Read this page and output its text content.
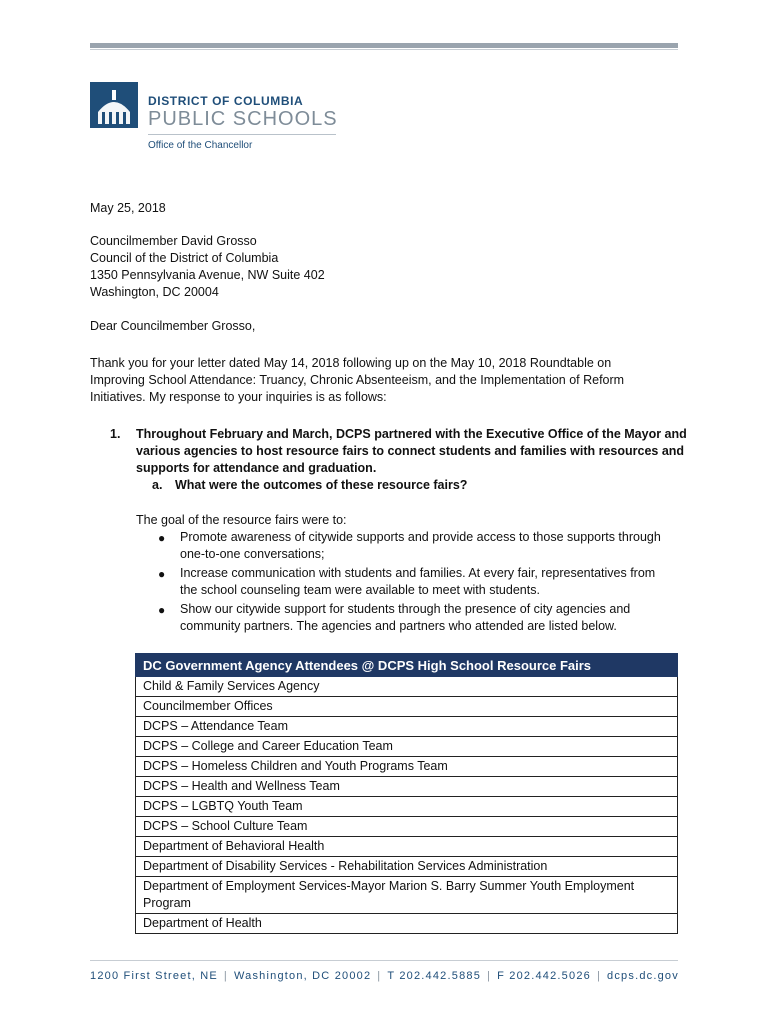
DISTRICT OF COLUMBIA
PUBLIC SCHOOLS
Office of the Chancellor
May 25, 2018
Councilmember David Grosso
Council of the District of Columbia
1350 Pennsylvania Avenue, NW Suite 402
Washington, DC 20004
Dear Councilmember Grosso,
Thank you for your letter dated May 14, 2018 following up on the May 10, 2018 Roundtable on
Improving School Attendance: Truancy, Chronic Absenteeism, and the Implementation of Reform
Initiatives. My response to your inquiries is as follows:
1. Throughout February and March, DCPS partnered with the Executive Office of the Mayor and
various agencies to host resource fairs to connect students and families with resources and
supports for attendance and graduation.
a. What were the outcomes of these resource fairs?
The goal of the resource fairs were to:
● Promote awareness of citywide supports and provide access to those supports through
one-to-one conversations;
● Increase communication with students and families. At every fair, representatives from
the school counseling team were available to meet with students.
● Show our citywide support for students through the presence of city agencies and
community partners. The agencies and partners who attended are listed below.
DC Government Agency Attendees @ DCPS High School Resource Fairs
Child & Family Services Agency
Councilmember Offices
DCPS – Attendance Team
DCPS – College and Career Education Team
DCPS – Homeless Children and Youth Programs Team
DCPS – Health and Wellness Team
DCPS – LGBTQ Youth Team
DCPS – School Culture Team
Department of Behavioral Health
Department of Disability Services - Rehabilitation Services Administration

Department of Employment Services-Mayor Marion S. Barry Summer Youth Employment
Program

Department of Health
1200 First Street, NE | Washington, DC 20002 | T 202.442.5885 | F 202.442.5026 | dcps.dc.gov
